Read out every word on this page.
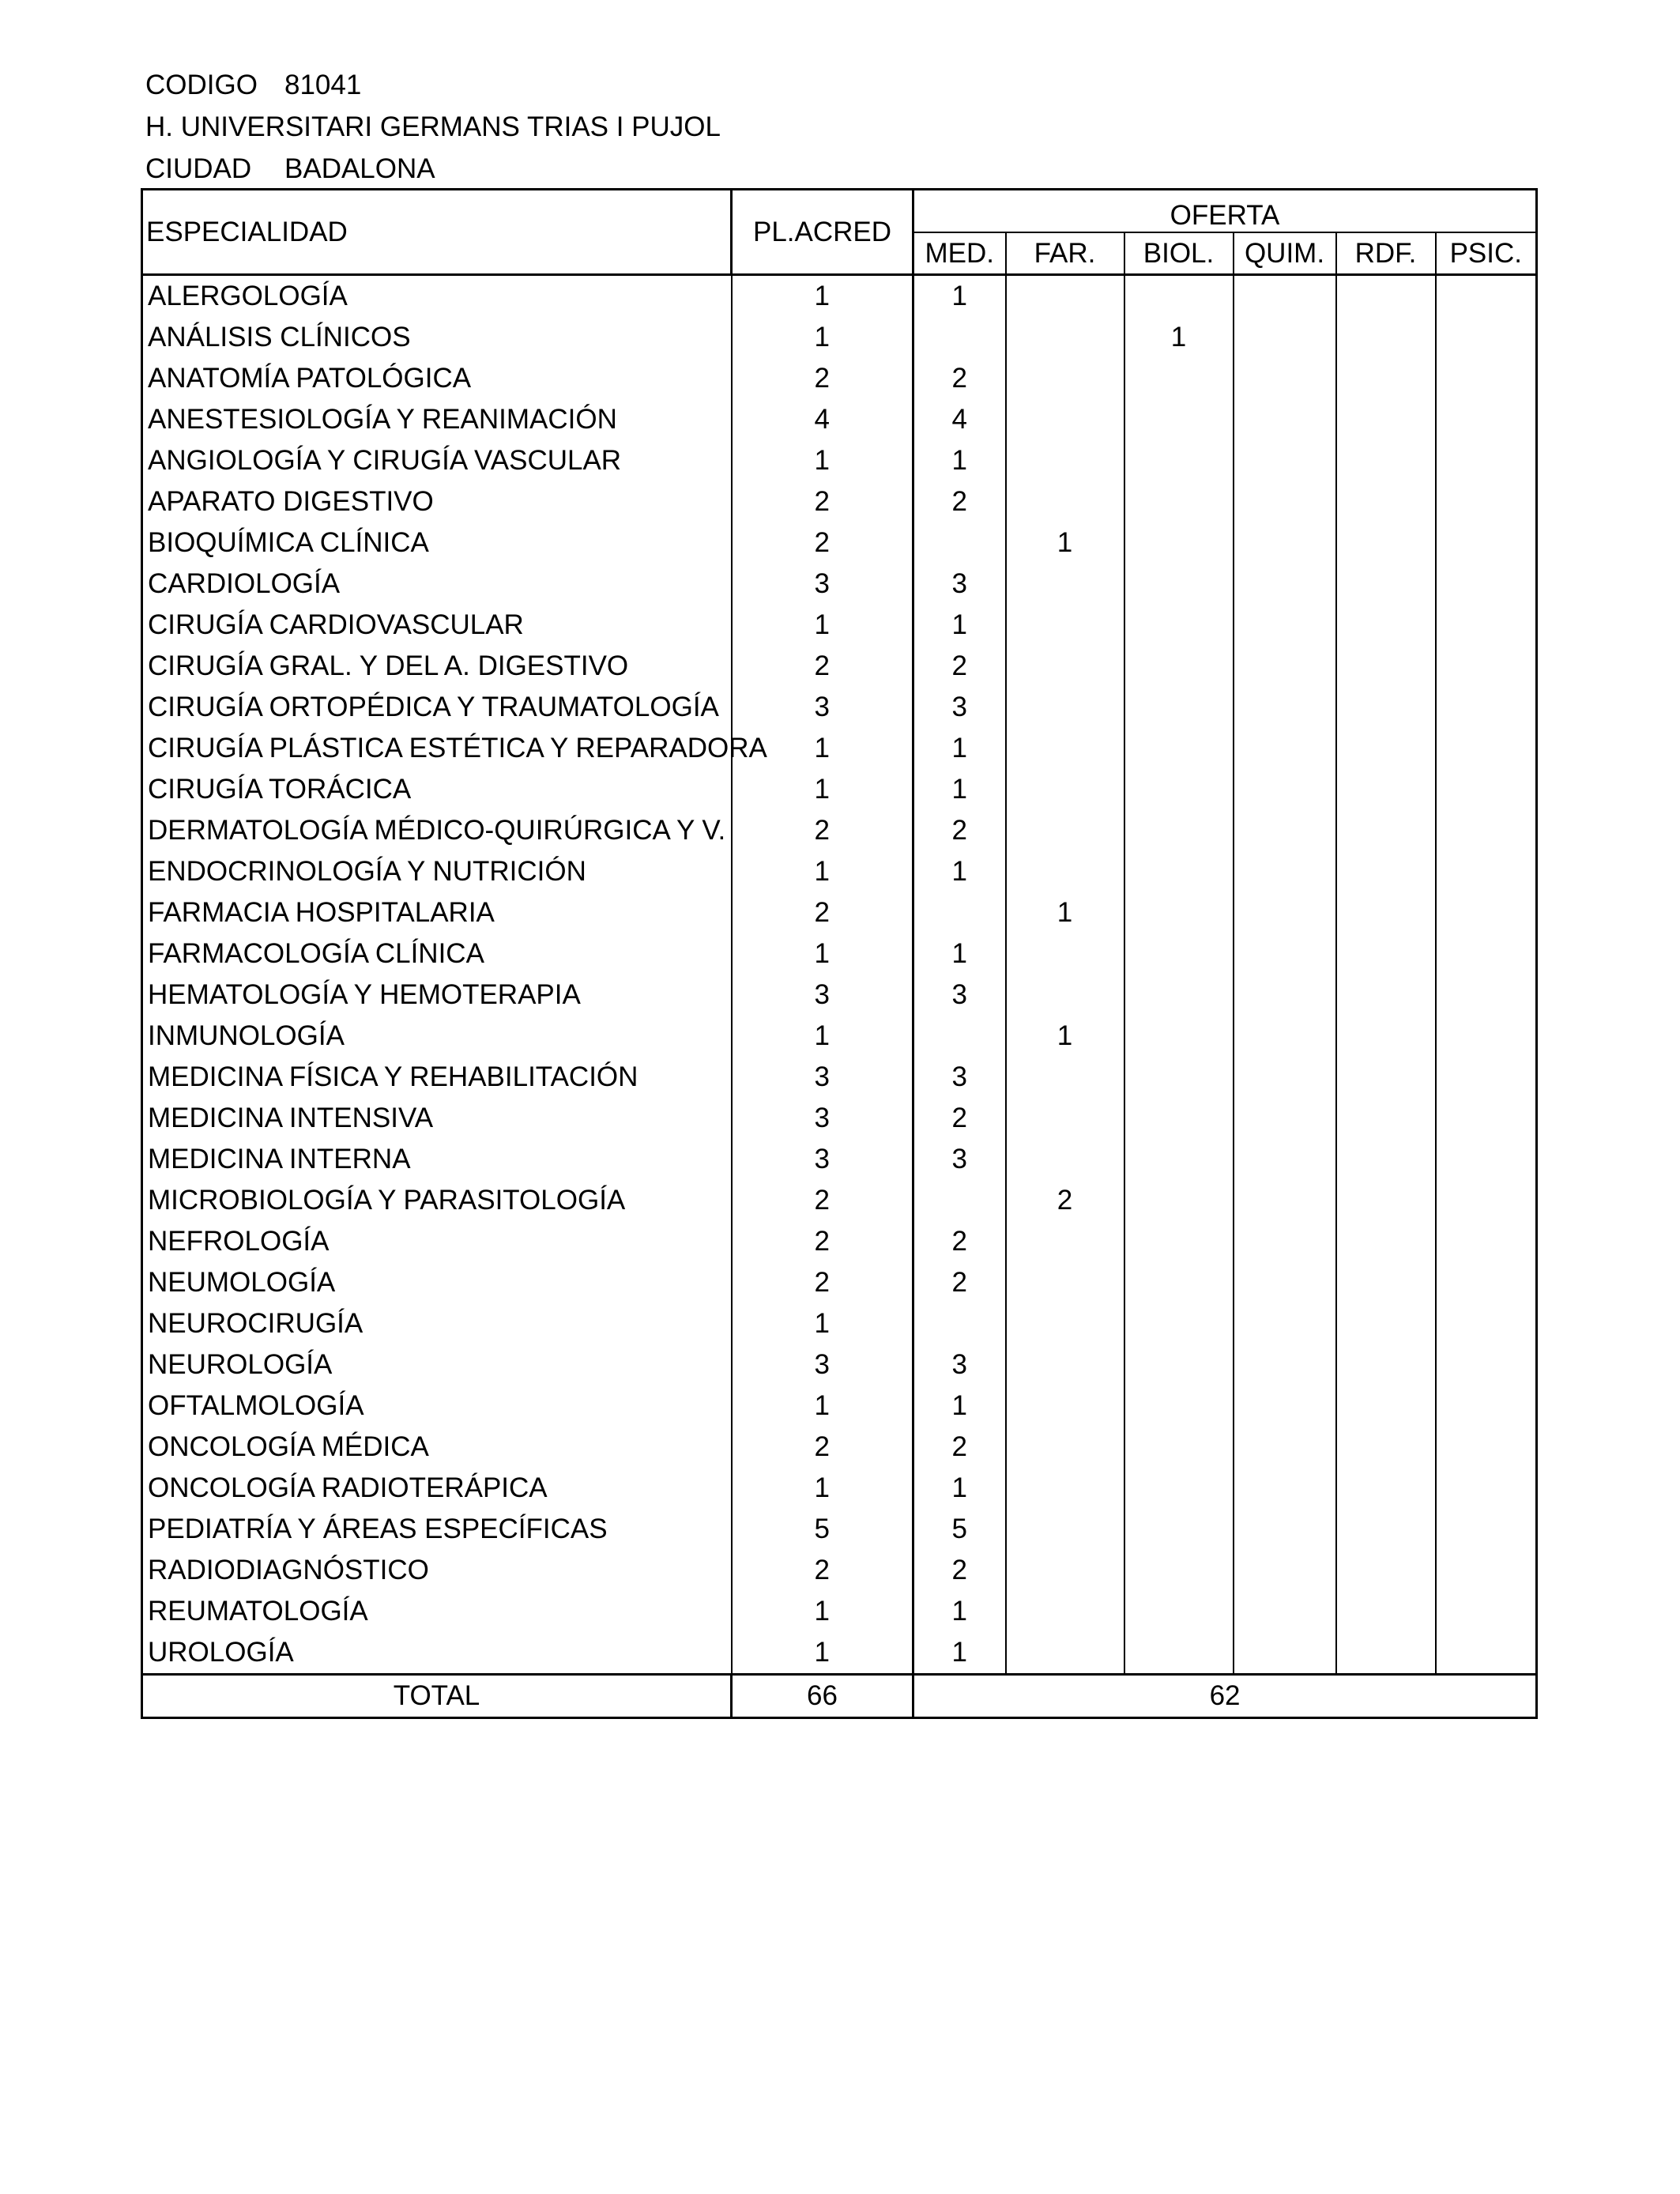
CODIGO 81041
H. UNIVERSITARI GERMANS TRIAS I PUJOL
CIUDAD BADALONA
ESPECIALIDAD	PL.ACRED	OFERTA					
		MED.	FAR.	BIOL.	QUIM.	RDF.	PSIC.
ALERGOLOGÍA	1	1					
ANÁLISIS CLÍNICOS	1			1			
ANATOMÍA PATOLÓGICA	2	2					
ANESTESIOLOGÍA Y REANIMACIÓN	4	4					
ANGIOLOGÍA Y CIRUGÍA VASCULAR	1	1					
APARATO DIGESTIVO	2	2					
BIOQUÍMICA CLÍNICA	2		1				
CARDIOLOGÍA	3	3					
CIRUGÍA CARDIOVASCULAR	1	1					
CIRUGÍA GRAL. Y DEL A. DIGESTIVO	2	2					
CIRUGÍA ORTOPÉDICA Y TRAUMATOLOGÍA	3	3					
CIRUGÍA PLÁSTICA ESTÉTICA Y REPARADORA	1	1					
CIRUGÍA TORÁCICA	1	1					
DERMATOLOGÍA MÉDICO-QUIRÚRGICA Y V.	2	2					
ENDOCRINOLOGÍA Y NUTRICIÓN	1	1					
FARMACIA HOSPITALARIA	2		1				
FARMACOLOGÍA CLÍNICA	1	1					
HEMATOLOGÍA Y HEMOTERAPIA	3	3					
INMUNOLOGÍA	1		1				
MEDICINA FÍSICA Y REHABILITACIÓN	3	3					
MEDICINA INTENSIVA	3	2					
MEDICINA INTERNA	3	3					
MICROBIOLOGÍA Y PARASITOLOGÍA	2		2				
NEFROLOGÍA	2	2					
NEUMOLOGÍA	2	2					
NEUROCIRUGÍA	1						
NEUROLOGÍA	3	3					
OFTALMOLOGÍA	1	1					
ONCOLOGÍA MÉDICA	2	2					
ONCOLOGÍA RADIOTERÁPICA	1	1					
PEDIATRÍA Y ÁREAS ESPECÍFICAS	5	5					
RADIODIAGNÓSTICO	2	2					
REUMATOLOGÍA	1	1					
UROLOGÍA	1	1					
TOTAL	66	62					
